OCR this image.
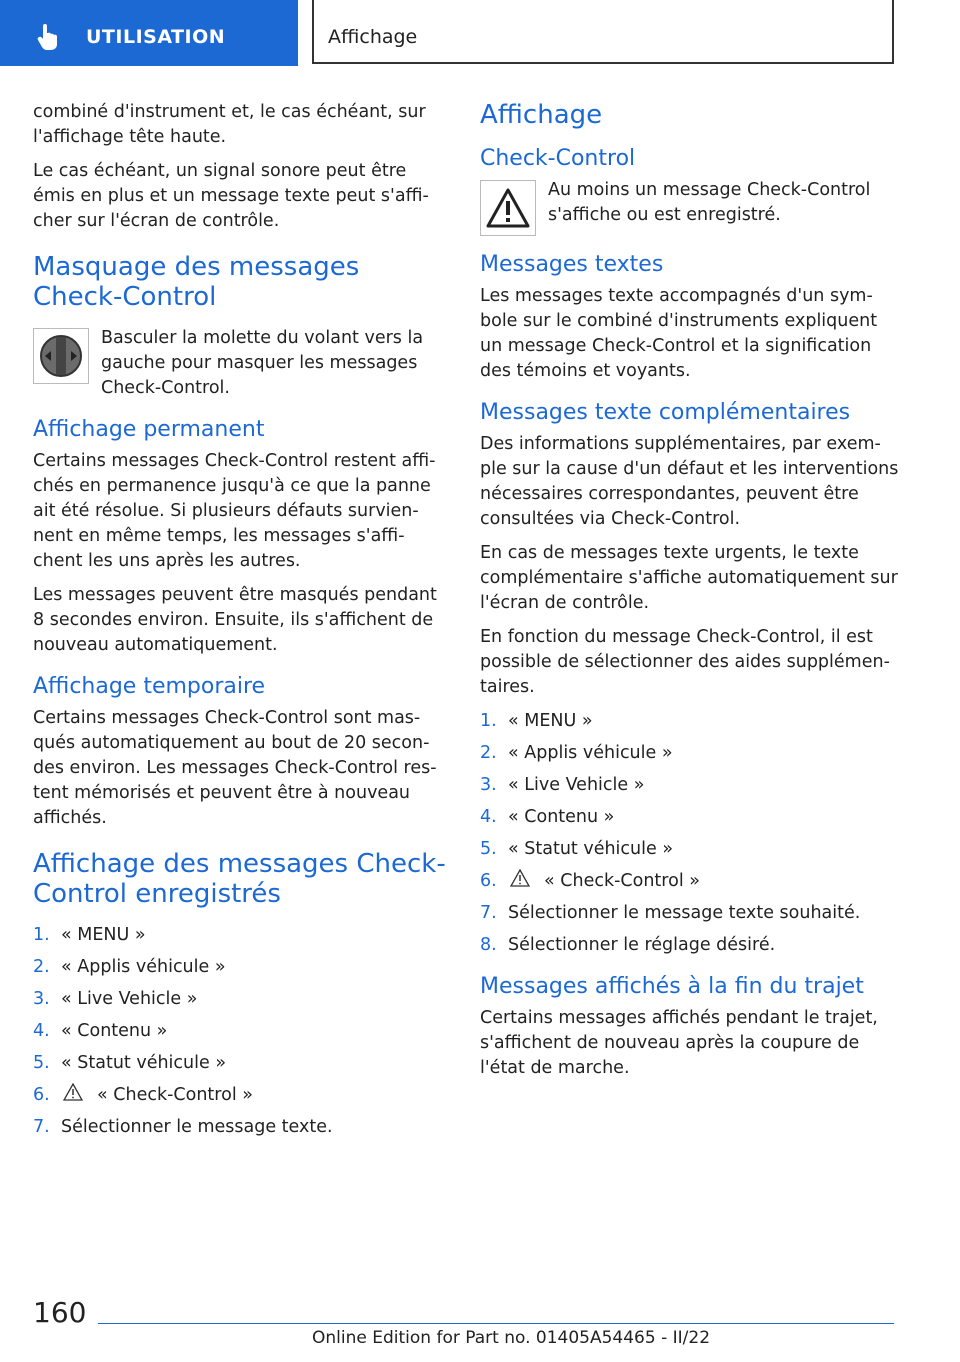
UTILISATION	Affichage

combiné d'instrument et, le cas échéant, sur l'affichage tête haute.

Le cas échéant, un signal sonore peut être émis en plus et un message texte peut s'affi-cher sur l'écran de contrôle.

Masquage des messages Check-Control

Basculer la molette du volant vers la gauche pour masquer les messages Check-Control.

Affichage permanent

Certains messages Check-Control restent affi-chés en permanence jusqu'à ce que la panne ait été résolue. Si plusieurs défauts survien-nent en même temps, les messages s'affi-chent les uns après les autres.

Les messages peuvent être masqués pendant 8 secondes environ. Ensuite, ils s'affichent de nouveau automatiquement.

Affichage temporaire

Certains messages Check-Control sont mas-qués automatiquement au bout de 20 secon-des environ. Les messages Check-Control res-tent mémorisés et peuvent être à nouveau affichés.

Affichage des messages Check-Control enregistrés
1. « MENU »
2. « Applis véhicule »
3. « Live Vehicle »
4. « Contenu »
5. « Statut véhicule »
6.	« Check-Control »
7. Sélectionner le message texte.
Affichage
Check-Control

Au moins un message Check-Control s'affiche ou est enregistré.

Messages textes

Les messages texte accompagnés d'un sym-bole sur le combiné d'instruments expliquent un message Check-Control et la signification des témoins et voyants.

Messages texte complémentaires

Des informations supplémentaires, par exem-ple sur la cause d'un défaut et les interventions nécessaires correspondantes, peuvent être consultées via Check-Control.

En cas de messages texte urgents, le texte complémentaire s'affiche automatiquement sur l'écran de contrôle.

En fonction du message Check-Control, il est possible de sélectionner des aides supplémen-taires.

1. « MENU »
2. « Applis véhicule »
3. « Live Vehicle »
4. « Contenu »
5. « Statut véhicule »
6.	« Check-Control »
7. Sélectionner le message texte souhaité.
8. Sélectionner le réglage désiré.
Messages affichés à la fin du trajet

Certains messages affichés pendant le trajet, s'affichent de nouveau après la coupure de l'état de marche.

160
Online Edition for Part no. 01405A54465 - II/22
